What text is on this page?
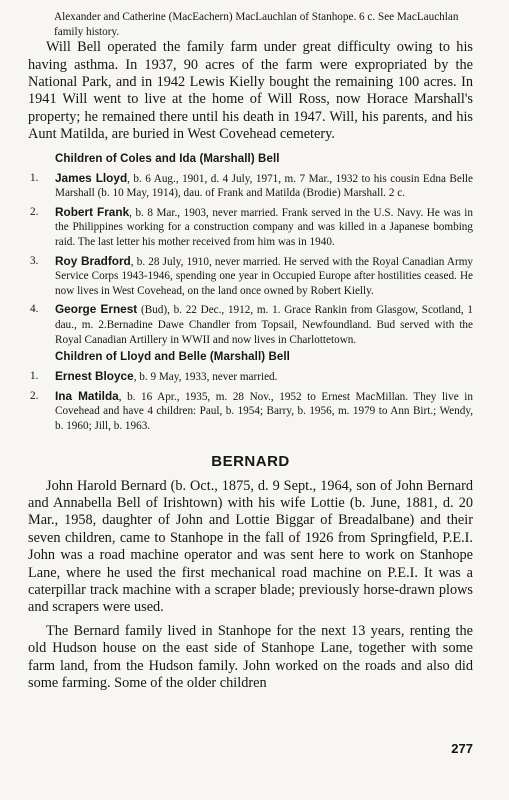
Alexander and Catherine (MacEachern) MacLauchlan of Stanhope. 6 c. See MacLauchlan family history.

Will Bell operated the family farm under great difficulty owing to his having asthma. In 1937, 90 acres of the farm were expropriated by the National Park, and in 1942 Lewis Kielly bought the remaining 100 acres. In 1941 Will went to live at the home of Will Ross, now Horace Marshall's property; he remained there until his death in 1947. Will, his parents, and his Aunt Matilda, are buried in West Covehead cemetery.

Children of Coles and Ida (Marshall) Bell
1. James Lloyd, b. 6 Aug., 1901, d. 4 July, 1971, m. 7 Mar., 1932 to his cousin Edna Belle Marshall (b. 10 May, 1914), dau. of Frank and Matilda (Brodie) Marshall. 2 c.
2. Robert Frank, b. 8 Mar., 1903, never married. Frank served in the U.S. Navy. He was in the Philippines working for a construction company and was killed in a Japanese bombing raid. The last letter his mother received from him was in 1940.
3. Roy Bradford, b. 28 July, 1910, never married. He served with the Royal Canadian Army Service Corps 1943-1946, spending one year in Occupied Europe after hostilities ceased. He now lives in West Covehead, on the land once owned by Robert Kielly.
4. George Ernest (Bud), b. 22 Dec., 1912, m. 1. Grace Rankin from Glasgow, Scotland, 1 dau., m. 2.Bernadine Dawe Chandler from Topsail, Newfoundland. Bud served with the Royal Canadian Artillery in WWII and now lives in Charlottetown.
Children of Lloyd and Belle (Marshall) Bell
1. Ernest Bloyce, b. 9 May, 1933, never married.
2. Ina Matilda, b. 16 Apr., 1935, m. 28 Nov., 1952 to Ernest MacMillan. They live in Covehead and have 4 children: Paul, b. 1954; Barry, b. 1956, m. 1979 to Ann Birt.; Wendy, b. 1960; Jill, b. 1963.
BERNARD

John Harold Bernard (b. Oct., 1875, d. 9 Sept., 1964, son of John Bernard and Annabella Bell of Irishtown) with his wife Lottie (b. June, 1881, d. 20 Mar., 1958, daughter of John and Lottie Biggar of Breadalbane) and their seven children, came to Stanhope in the fall of 1926 from Springfield, P.E.I. John was a road machine operator and was sent here to work on Stanhope Lane, where he used the first mechanical road machine on P.E.I. It was a caterpillar track machine with a scraper blade; previously horse-drawn plows and scrapers were used.

The Bernard family lived in Stanhope for the next 13 years, renting the old Hudson house on the east side of Stanhope Lane, together with some farm land, from the Hudson family. John worked on the roads and also did some farming. Some of the older children

277
